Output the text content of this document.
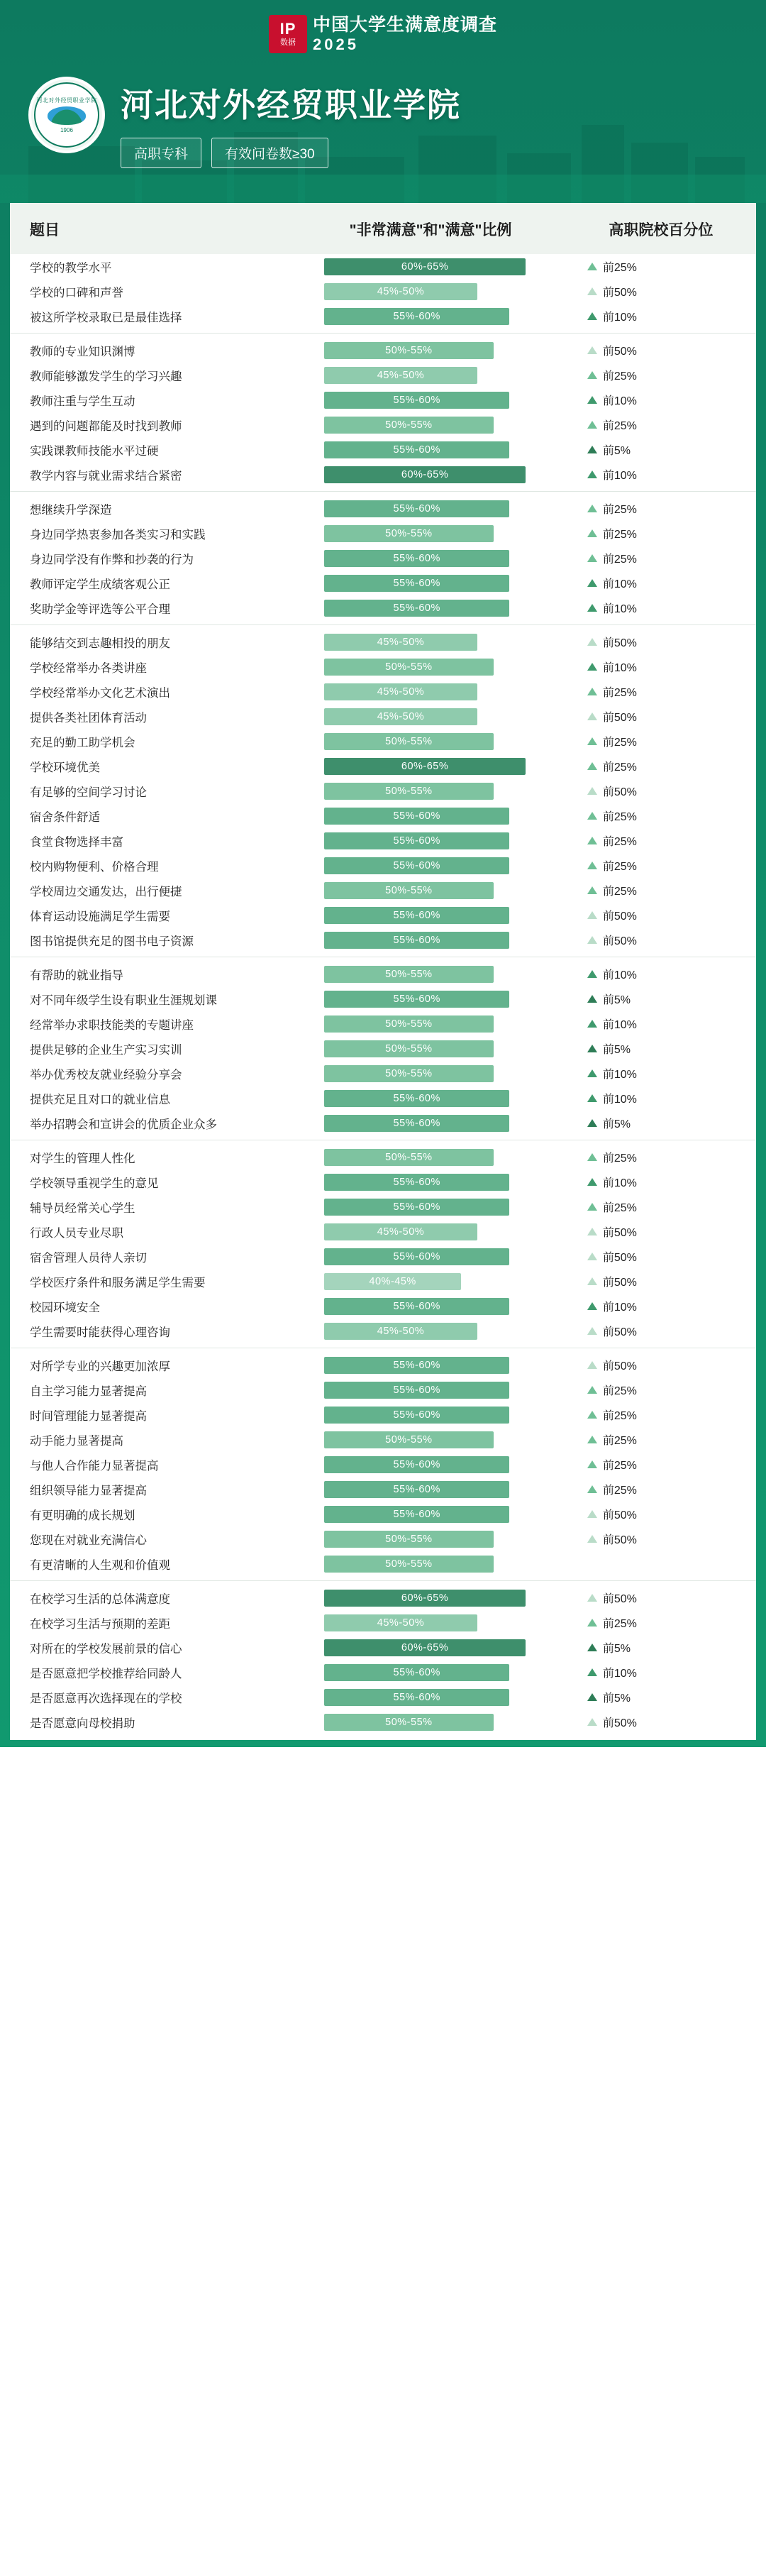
IP
数据
中国大学生满意度调查
2025
河北对外经贸职业学院
1906
河北对外经贸职业学院
高职专科	有效问卷数≥30
题目	"非常满意"和"满意"比例	高职院校百分位
学校的教学水平	60%-65%	前25%

学校的口碑和声誉	45%-50%	前50%

被这所学校录取已是最佳选择	55%-60%	前10%

教师的专业知识渊博	50%-55%	前50%

教师能够激发学生的学习兴趣	45%-50%	前25%

教师注重与学生互动	55%-60%	前10%

遇到的问题都能及时找到教师	50%-55%	前25%

实践课教师技能水平过硬	55%-60%	前5%

教学内容与就业需求结合紧密	60%-65%	前10%

想继续升学深造	55%-60%	前25%

身边同学热衷参加各类实习和实践	50%-55%	前25%

身边同学没有作弊和抄袭的行为	55%-60%	前25%

教师评定学生成绩客观公正	55%-60%	前10%

奖助学金等评选等公平合理	55%-60%	前10%

能够结交到志趣相投的朋友	45%-50%	前50%

学校经常举办各类讲座	50%-55%	前10%

学校经常举办文化艺术演出	45%-50%	前25%

提供各类社团体育活动	45%-50%	前50%

充足的勤工助学机会	50%-55%	前25%

学校环境优美	60%-65%	前25%

有足够的空间学习讨论	50%-55%	前50%

宿舍条件舒适	55%-60%	前25%

食堂食物选择丰富	55%-60%	前25%

校内购物便利、价格合理	55%-60%	前25%

学校周边交通发达，出行便捷	50%-55%	前25%

体育运动设施满足学生需要	55%-60%	前50%

图书馆提供充足的图书电子资源	55%-60%	前50%

有帮助的就业指导	50%-55%	前10%

对不同年级学生设有职业生涯规划课	55%-60%	前5%

经常举办求职技能类的专题讲座	50%-55%	前10%

提供足够的企业生产实习实训	50%-55%	前5%

举办优秀校友就业经验分享会	50%-55%	前10%

提供充足且对口的就业信息	55%-60%	前10%

举办招聘会和宣讲会的优质企业众多	55%-60%	前5%

对学生的管理人性化	50%-55%	前25%

学校领导重视学生的意见	55%-60%	前10%

辅导员经常关心学生	55%-60%	前25%

行政人员专业尽职	45%-50%	前50%

宿舍管理人员待人亲切	55%-60%	前50%

学校医疗条件和服务满足学生需要	40%-45%	前50%

校园环境安全	55%-60%	前10%

学生需要时能获得心理咨询	45%-50%	前50%

对所学专业的兴趣更加浓厚	55%-60%	前50%

自主学习能力显著提高	55%-60%	前25%

时间管理能力显著提高	55%-60%	前25%

动手能力显著提高	50%-55%	前25%

与他人合作能力显著提高	55%-60%	前25%

组织领导能力显著提高	55%-60%	前25%

有更明确的成长规划	55%-60%	前50%

您现在对就业充满信心	50%-55%	前50%

有更清晰的人生观和价值观	50%-55%	

在校学习生活的总体满意度	60%-65%	前50%

在校学习生活与预期的差距	45%-50%	前25%

对所在的学校发展前景的信心	60%-65%	前5%

是否愿意把学校推荐给同龄人	55%-60%	前10%

是否愿意再次选择现在的学校	55%-60%	前5%

是否愿意向母校捐助	50%-55%	前50%
